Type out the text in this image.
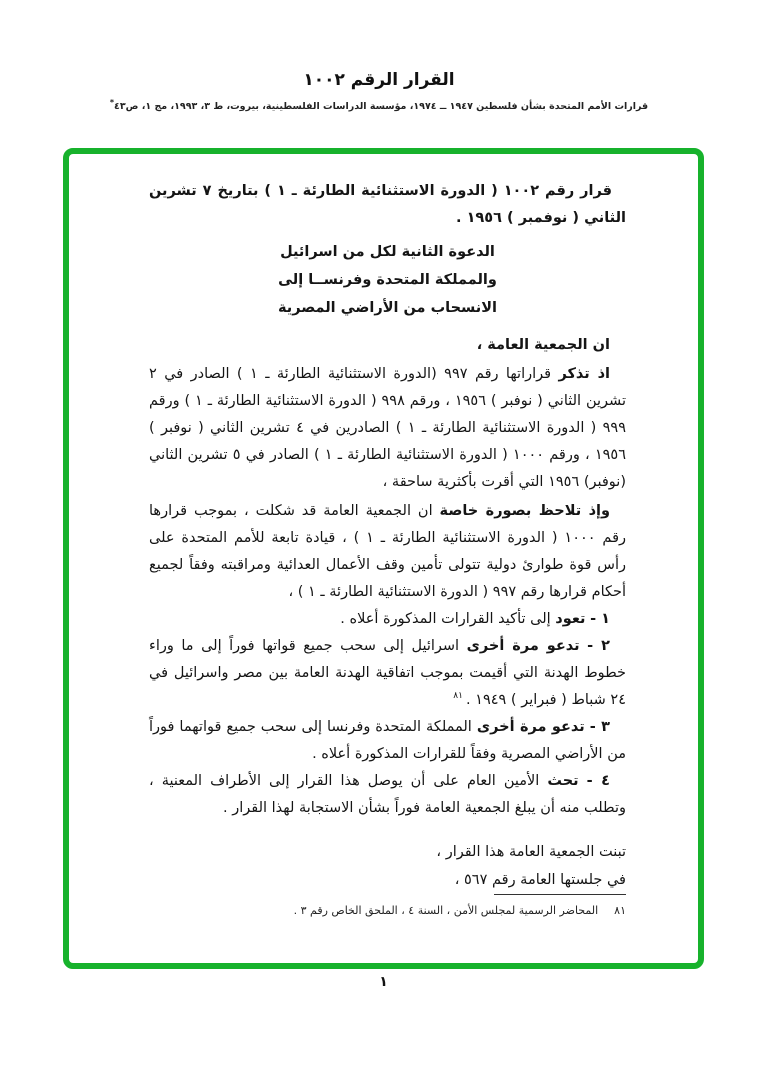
القرار الرقم ١٠٠٢
قرارات الأمم المتحدة بشأن فلسطين ١٩٤٧ ــ ١٩٧٤، مؤسسة الدراسات الفلسطينية، بيروت، ط ٣، ١٩٩٣، مج ١، ص٤٣*

قرار رقم ١٠٠٢ ( الدورة الاستثنائية الطارئة ـ ١ ) بتاريخ ٧ تشرين الثاني ( نوفمبر ) ١٩٥٦ .

الدعوة الثانية لكل من اسرائيل
والمملكة المتحدة وفرنســا إلى
الانسحاب من الأراضي المصرية

ان الجمعية العامة ،

اذ تذكر قراراتها رقم ٩٩٧ (الدورة الاستثنائية الطارئة ـ ١ ) الصادر في ٢ تشرين الثاني ( نوفبر ) ١٩٥٦ ، ورقم ٩٩٨ ( الدورة الاستثنائية الطارئة ـ ١ ) ورقم ٩٩٩ ( الدورة الاستثنائية الطارئة ـ ١ ) الصادرين في ٤ تشرين الثاني ( نوفبر ) ١٩٥٦ ، ورقم ١٠٠٠ ( الدورة الاستثنائية الطارئة ـ ١ ) الصادر في ٥ تشرين الثاني (نوفبر) ١٩٥٦ التي أقرت بأكثرية ساحقة ،

وإذ تلاحظ بصورة خاصة ان الجمعية العامة قد شكلت ، بموجب قرارها رقم ١٠٠٠ ( الدورة الاستثنائية الطارئة ـ ١ ) ، قيادة تابعة للأمم المتحدة على رأس قوة طوارئ دولية تتولى تأمين وقف الأعمال العدائية ومراقبته وفقاً لجميع أحكام قرارها رقم ٩٩٧ ( الدورة الاستثنائية الطارئة ـ ١ ) ،

١ - تعود إلى تأكيد القرارات المذكورة أعلاه .

٢ - تدعو مرة أخرى اسرائيل إلى سحب جميع قواتها فوراً إلى ما وراء خطوط الهدنة التي أقيمت بموجب اتفاقية الهدنة العامة بين مصر واسرائيل في ٢٤ شباط ( فبراير ) ١٩٤٩ .$^{٨١}$

٣ - تدعو مرة أخرى المملكة المتحدة وفرنسا إلى سحب جميع قواتهما فوراً من الأراضي المصرية وفقاً للقرارات المذكورة أعلاه .

٤ - تحث الأمين العام على أن يوصل هذا القرار إلى الأطراف المعنية ، وتطلب منه أن يبلغ الجمعية العامة فوراً بشأن الاستجابة لهذا القرار .

تبنت الجمعية العامة هذا القرار ،
في جلستها العامة رقم ٥٦٧ ،
٨١المحاضر الرسمية لمجلس الأمن ، السنة ٤ ، الملحق الخاص رقم ٣ .
١
